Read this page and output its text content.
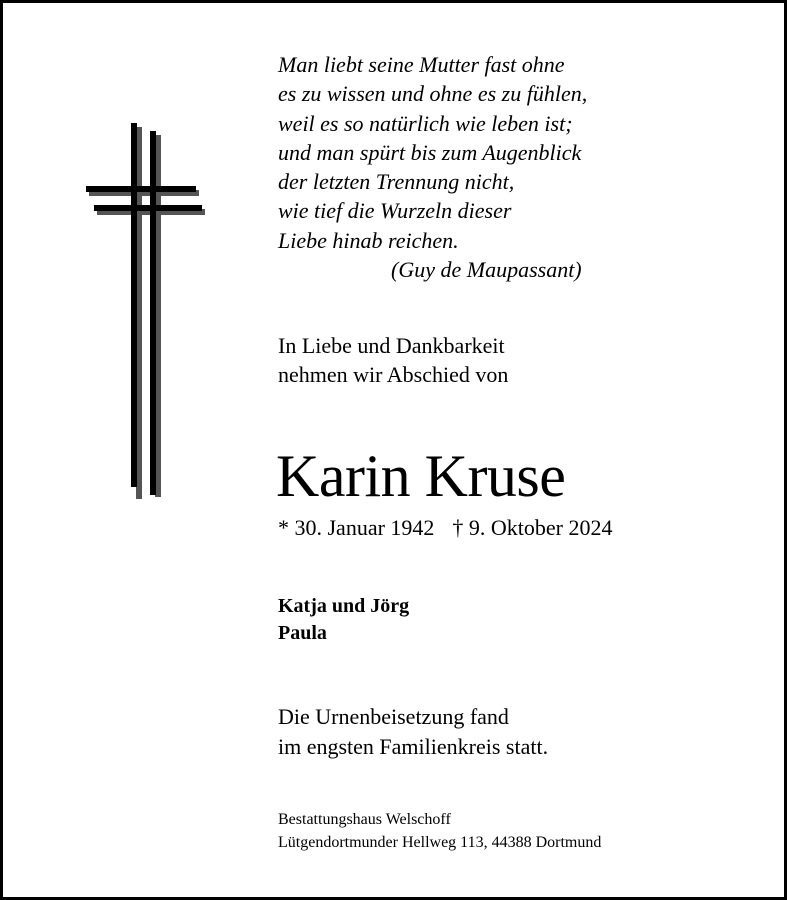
Man liebt seine Mutter fast ohne
es zu wissen und ohne es zu fühlen,
weil es so natürlich wie leben ist;
und man spürt bis zum Augenblick
der letzten Trennung nicht,
wie tief die Wurzeln dieser
Liebe hinab reichen.
(Guy de Maupassant)
In Liebe und Dankbarkeit
nehmen wir Abschied von
Karin Kruse
* 30. Januar 1942 † 9. Oktober 2024
Katja und Jörg
Paula
Die Urnenbeisetzung fand
im engsten Familienkreis statt.
Bestattungshaus Welschoff
Lütgendortmunder Hellweg 113, 44388 Dortmund
